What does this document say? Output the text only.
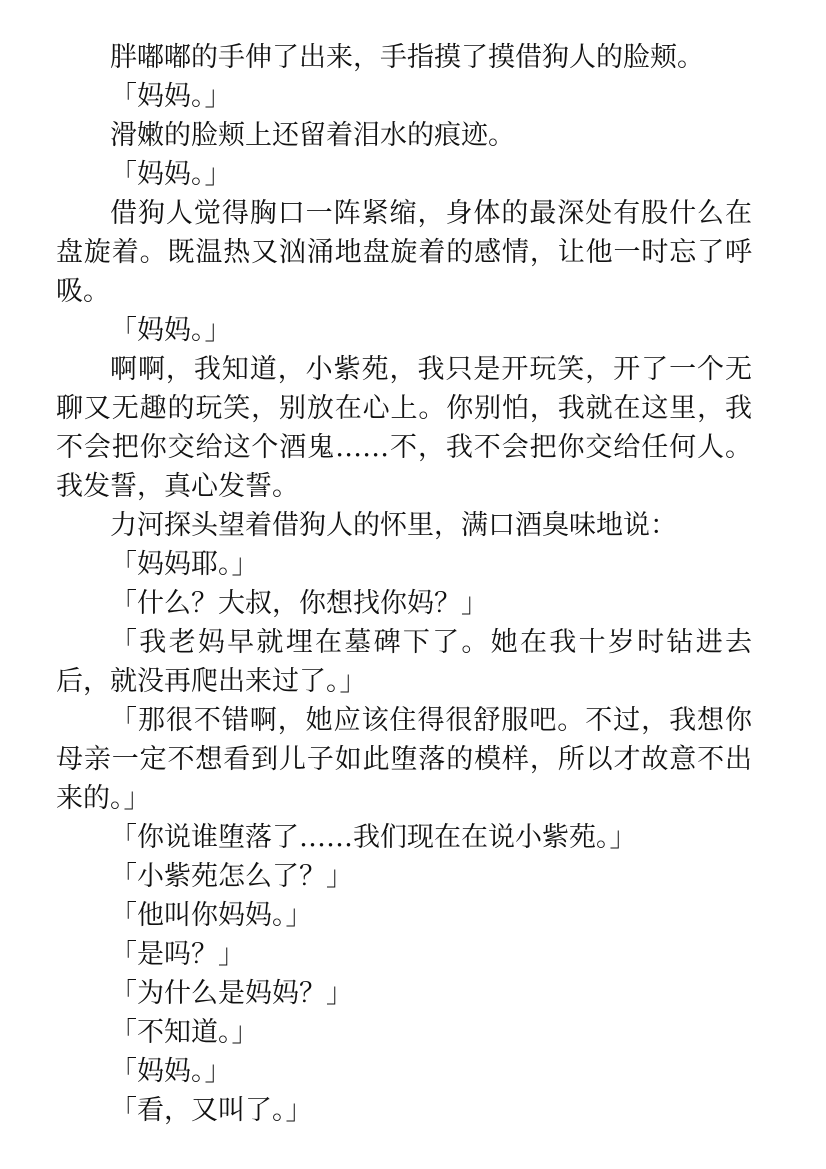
胖嘟嘟的手伸了出来，手指摸了摸借狗人的脸颊。

「妈妈。」

滑嫩的脸颊上还留着泪水的痕迹。

「妈妈。」

借狗人觉得胸口一阵紧缩，身体的最深处有股什么在盘旋着。既温热又汹涌地盘旋着的感情，让他一时忘了呼吸。

「妈妈。」

啊啊，我知道，小紫苑，我只是开玩笑，开了一个无聊又无趣的玩笑，别放在心上。你别怕，我就在这里，我不会把你交给这个酒鬼……不，我不会把你交给任何人。我发誓，真心发誓。

力河探头望着借狗人的怀里，满口酒臭味地说：

「妈妈耶。」

「什么？大叔，你想找你妈？」

「我老妈早就埋在墓碑下了。她在我十岁时钻进去后，就没再爬出来过了。」

「那很不错啊，她应该住得很舒服吧。不过，我想你母亲一定不想看到儿子如此堕落的模样，所以才故意不出来的。」

「你说谁堕落了……我们现在在说小紫苑。」

「小紫苑怎么了？」

「他叫你妈妈。」

「是吗？」

「为什么是妈妈？」

「不知道。」

「妈妈。」

「看，又叫了。」
